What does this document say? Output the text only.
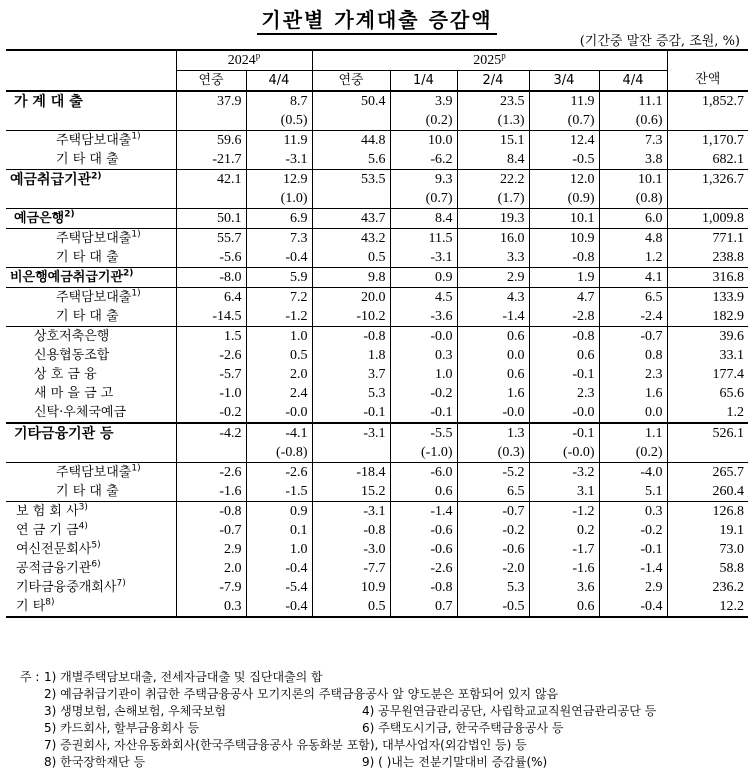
기관별 가계대출 증감액
(기간중 말잔 증감, 조원, %)
	2024$^p$		2025$^p$	
	연중	4/4	연중	1/4	2/4	3/4	4/4	잔액
가 계 대 출	37.9	8.7	50.4	3.9	23.5	11.9	11.1	1,852.7
		(0.5)		(0.2)	(1.3)	(0.7)	(0.6)	
주택담보대출$^{1)}$	59.6	11.9	44.8	10.0	15.1	12.4	7.3	1,170.7
기 타 대 출	-21.7	-3.1	5.6	-6.2	8.4	-0.5	3.8	682.1
예금취급기관$^{2)}$	42.1	12.9	53.5	9.3	22.2	12.0	10.1	1,326.7
		(1.0)		(0.7)	(1.7)	(0.9)	(0.8)	
예금은행$^{2)}$	50.1	6.9	43.7	8.4	19.3	10.1	6.0	1,009.8
주택담보대출$^{1)}$	55.7	7.3	43.2	11.5	16.0	10.9	4.8	771.1
기 타 대 출	-5.6	-0.4	0.5	-3.1	3.3	-0.8	1.2	238.8
비은행예금취급기관$^{2)}$	-8.0	5.9	9.8	0.9	2.9	1.9	4.1	316.8
주택담보대출$^{1)}$	6.4	7.2	20.0	4.5	4.3	4.7	6.5	133.9
기 타 대 출	-14.5	-1.2	-10.2	-3.6	-1.4	-2.8	-2.4	182.9
상호저축은행	1.5	1.0	-0.8	-0.0	0.6	-0.8	-0.7	39.6
신용협동조합	-2.6	0.5	1.8	0.3	0.0	0.6	0.8	33.1
상 호 금 융	-5.7	2.0	3.7	1.0	0.6	-0.1	2.3	177.4
새 마 을 금 고	-1.0	2.4	5.3	-0.2	1.6	2.3	1.6	65.6
신탁·우체국예금	-0.2	-0.0	-0.1	-0.1	-0.0	-0.0	0.0	1.2
기타금융기관 등	-4.2	-4.1	-3.1	-5.5	1.3	-0.1	1.1	526.1
		(-0.8)		(-1.0)	(0.3)	(-0.0)	(0.2)	
주택담보대출$^{1)}$	-2.6	-2.6	-18.4	-6.0	-5.2	-3.2	-4.0	265.7
기 타 대 출	-1.6	-1.5	15.2	0.6	6.5	3.1	5.1	260.4
보 험 회 사$^{3)}$	-0.8	0.9	-3.1	-1.4	-0.7	-1.2	0.3	126.8
연 금 기 금$^{4)}$	-0.7	0.1	-0.8	-0.6	-0.2	0.2	-0.2	19.1
여신전문회사$^{5)}$	2.9	1.0	-3.0	-0.6	-0.6	-1.7	-0.1	73.0
공적금융기관$^{6)}$	2.0	-0.4	-7.7	-2.6	-2.0	-1.6	-1.4	58.8
기타금융중개회사$^{7)}$	-7.9	-5.4	10.9	-0.8	5.3	3.6	2.9	236.2
기 타$^{8)}$	0.3	-0.4	0.5	0.7	-0.5	0.6	-0.4	12.2
주 : 1) 개별주택담보대출, 전세자금대출 및 집단대출의 합
2) 예금취급기관이 취급한 주택금융공사 모기지론의 주택금융공사 앞 양도분은 포함되어 있지 않음
3) 생명보험, 손해보험, 우체국보험	4) 공무원연금관리공단, 사립학교교직원연금관리공단 등
5) 카드회사, 할부금융회사 등	6) 주택도시기금, 한국주택금융공사 등
7) 증권회사, 자산유동화회사(한국주택금융공사 유동화분 포함), 대부사업자(외감법인 등) 등
8) 한국장학재단 등	9) ( )내는 전분기말대비 증감률(%)
